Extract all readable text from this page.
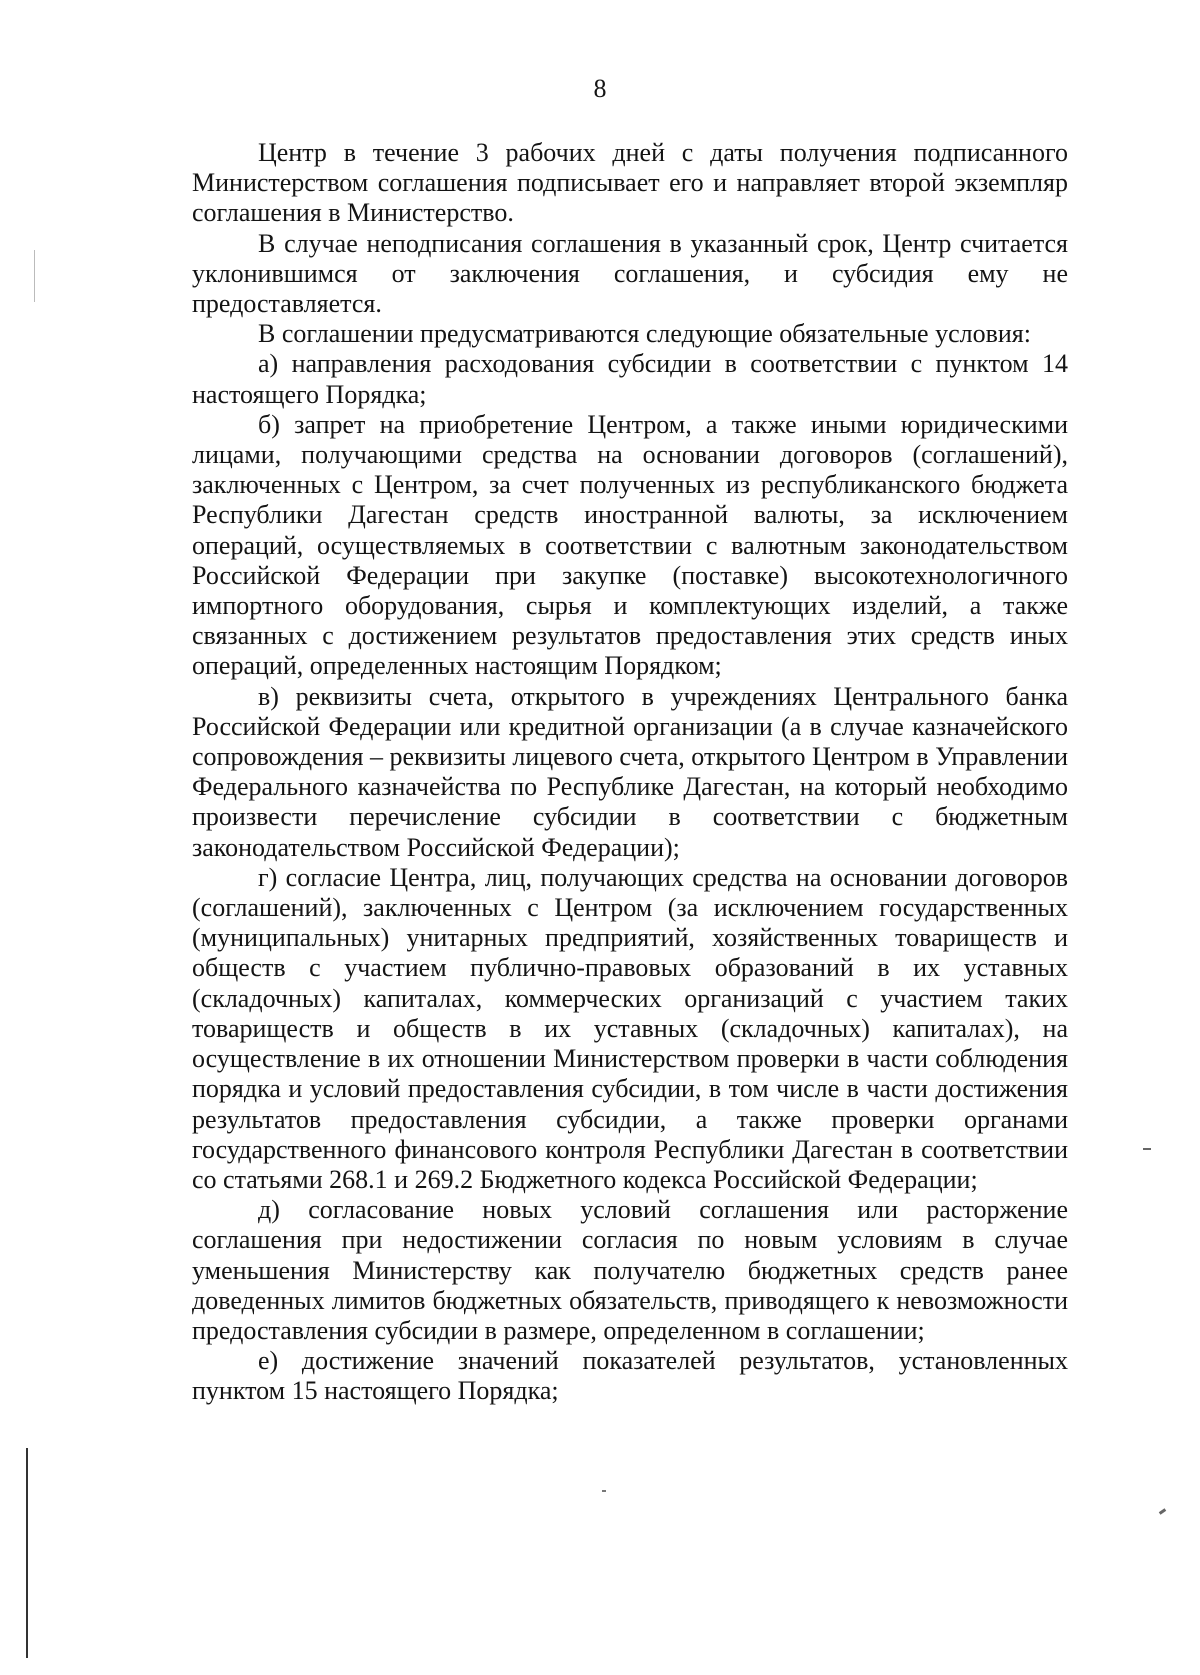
8

Центр в течение 3 рабочих дней с даты получения подписанного Министерством соглашения подписывает его и направляет второй экземпляр соглашения в Министерство.

В случае неподписания соглашения в указанный срок, Центр считается уклонившимся от заключения соглашения, и субсидия ему не предоставляется.

В соглашении предусматриваются следующие обязательные условия:

а) направления расходования субсидии в соответствии с пунктом 14 настоящего Порядка;

б) запрет на приобретение Центром, а также иными юридическими лицами, получающими средства на основании договоров (соглашений), заключенных с Центром, за счет полученных из республиканского бюджета Республики Дагестан средств иностранной валюты, за исключением операций, осуществляемых в соответствии с валютным законодательством Российской Федерации при закупке (поставке) высокотехнологичного импортного оборудования, сырья и комплектующих изделий, а также связанных с достижением результатов предоставления этих средств иных операций, определенных настоящим Порядком;

в) реквизиты счета, открытого в учреждениях Центрального банка Российской Федерации или кредитной организации (а в случае казначейского сопровождения – реквизиты лицевого счета, открытого Центром в Управлении Федерального казначейства по Республике Дагестан, на который необходимо произвести перечисление субсидии в соответствии с бюджетным законодательством Российской Федерации);

г) согласие Центра, лиц, получающих средства на основании договоров (соглашений), заключенных с Центром (за исключением государственных (муниципальных) унитарных предприятий, хозяйственных товариществ и обществ с участием публично-правовых образований в их уставных (складочных) капиталах, коммерческих организаций с участием таких товариществ и обществ в их уставных (складочных) капиталах), на осуществление в их отношении Министерством проверки в части соблюдения порядка и условий предоставления субсидии, в том числе в части достижения результатов предоставления субсидии, а также проверки органами государственного финансового контроля Республики Дагестан в соответствии со статьями 268.1 и 269.2 Бюджетного кодекса Российской Федерации;

д) согласование новых условий соглашения или расторжение соглашения при недостижении согласия по новым условиям в случае уменьшения Министерству как получателю бюджетных средств ранее доведенных лимитов бюджетных обязательств, приводящего к невозможности предоставления субсидии в размере, определенном в соглашении;

е) достижение значений показателей результатов, установленных пунктом 15 настоящего Порядка;
